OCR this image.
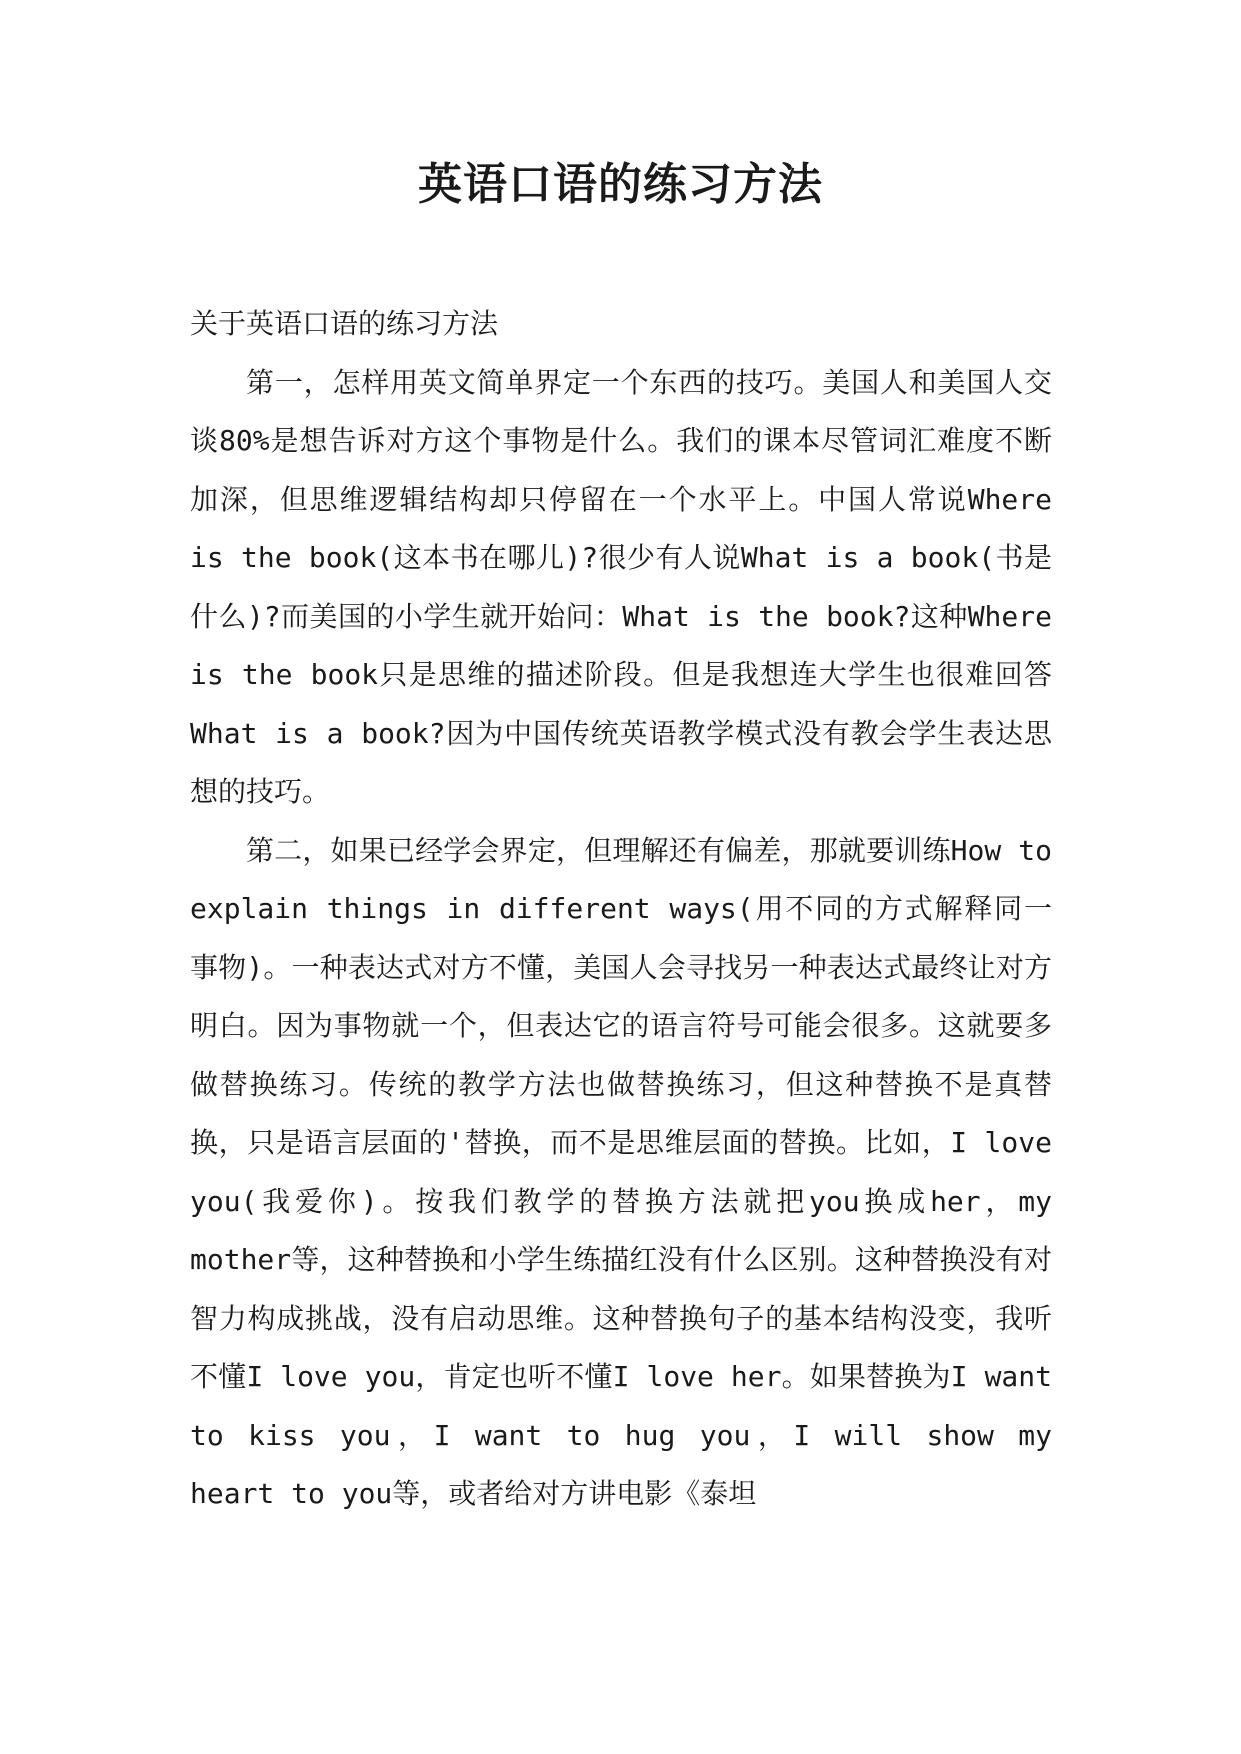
英语口语的练习方法

关于英语口语的练习方法

第一，怎样用英文简单界定一个东西的技巧。美国人和美国人交谈80%是想告诉对方这个事物是什么。我们的课本尽管词汇难度不断加深，但思维逻辑结构却只停留在一个水平上。中国人常说Where is the book(这本书在哪儿)?很少有人说What is a book(书是什么)?而美国的小学生就开始问：What is the book?这种Where is the book只是思维的描述阶段。但是我想连大学生也很难回答What is a book?因为中国传统英语教学模式没有教会学生表达思想的技巧。

第二，如果已经学会界定，但理解还有偏差，那就要训练How to explain things in different ways(用不同的方式解释同一事物)。一种表达式对方不懂，美国人会寻找另一种表达式最终让对方明白。因为事物就一个，但表达它的语言符号可能会很多。这就要多做替换练习。传统的教学方法也做替换练习，但这种替换不是真替换，只是语言层面的'替换，而不是思维层面的替换。比如，I love you(我爱你)。按我们教学的替换方法就把you换成her，my mother等，这种替换和小学生练描红没有什么区别。这种替换没有对智力构成挑战，没有启动思维。这种替换句子的基本结构没变，我听不懂I love you，肯定也听不懂I love her。如果替换为I want to kiss you，I want to hug you，I will show my heart to you等，或者给对方讲电影《泰坦
